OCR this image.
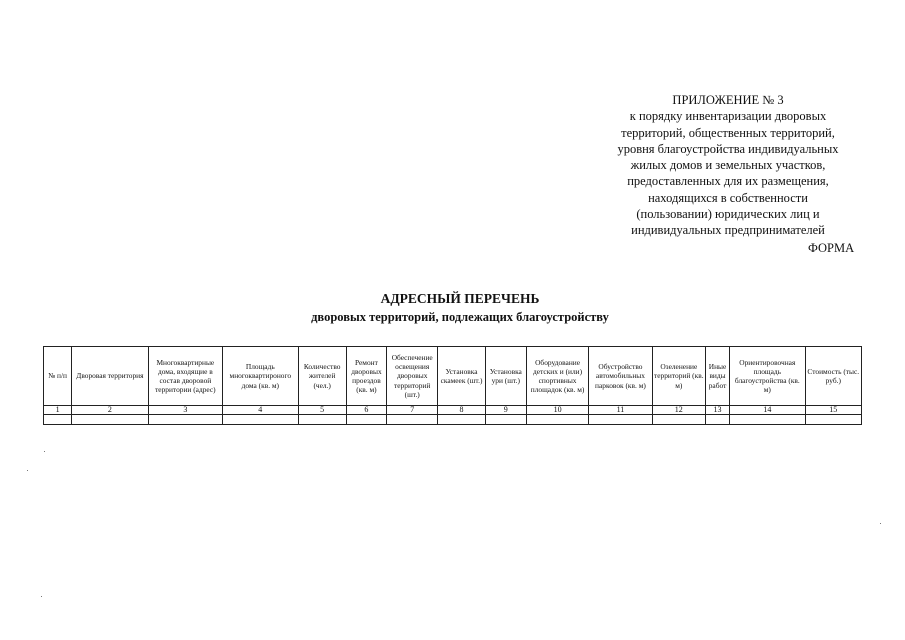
ПРИЛОЖЕНИЕ № 3
к порядку инвентаризации дворовых
территорий, общественных территорий,
уровня благоустройства индивидуальных
жилых домов и земельных участков,
предоставленных для их размещения,
находящихся в собственности
(пользовании) юридических лиц и
индивидуальных предпринимателей
ФОРМА
АДРЕСНЫЙ ПЕРЕЧЕНЬ
дворовых территорий, подлежащих благоустройству
№ п/п	Дворовая территория	Многоквартирные дома, входящие в состав дворовой территории (адрес)	Площадь многоквартироного дома (кв. м)	Количество жителей (чел.)	Ремонт дворовых проездов (кв. м)	Обеспечение освещения дворовых территорий (шт.)	Установка скамеек (шт.)	Установка ури (шт.)	Оборудование детских и (или) спортивных площадок (кв. м)	Обустройство автомобильных парковок (кв. м)	Озеленение территорий (кв. м)	Иные виды работ	Ориентировочная площадь благоустройства (кв. м)	Стоимость (тыс. руб.)
1	2	3	4	5	6	7	8	9	10	11	12	13	14	15
